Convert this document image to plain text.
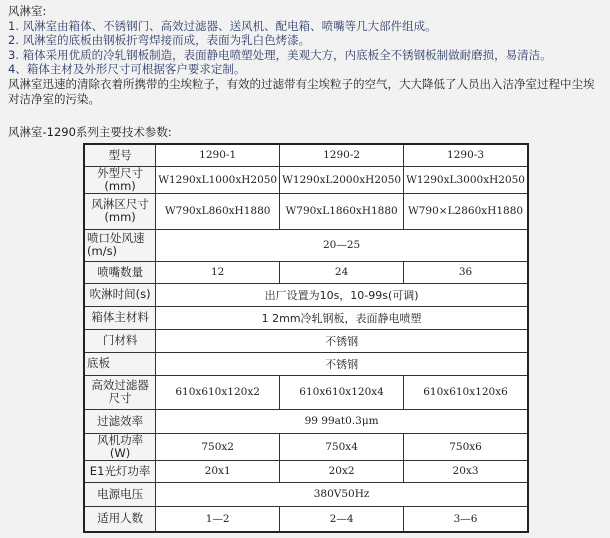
风淋室:
1. 风淋室由箱体、不锈钢门、高效过滤器、送风机、配电箱、喷嘴等几大部件组成。
2. 风淋室的底板由钢板折弯焊接而成，表面为乳白色烤漆。
3. 箱体采用优质的冷轧钢板制造，表面静电喷塑处理，美观大方，内底板全不锈钢板制做耐磨损，易清洁。
4、箱体主材及外形尺寸可根据客户要求定制。
风淋室迅速的清除衣着所携带的尘埃粒子，有效的过滤带有尘埃粒子的空气，大大降低了人员出入洁净室过程中尘埃对洁净室的污染。
风淋室-1290系列主要技术参数:
型号	1290-1	1290-2	1290-3
外型尺寸(mm)	W1290xL1000xH2050	W1290xL2000xH2050	W1290xL3000xH2050
风淋区尺寸(mm)	W790xL860xH1880	W790xL1860xH1880	W790×L2860xH1880
喷口处风速(m/s)	20—25		
喷嘴数量	12	24	36
吹淋时间(s)	出厂设置为10s，10-99s(可调)		
箱体主材料	1 2mm冷轧钢板，表面静电喷塑		
门材料	不锈钢		
底板	不锈钢		
高效过滤器尺寸	610x610x120x2	610x610x120x4	610x610x120x6
过滤效率	99 99at0.3μm		
风机功率(W)	750x2	750x4	750x6
E1光灯功率	20x1	20x2	20x3
电源电压	380V50Hz		
适用人数	1—2	2—4	3—6
